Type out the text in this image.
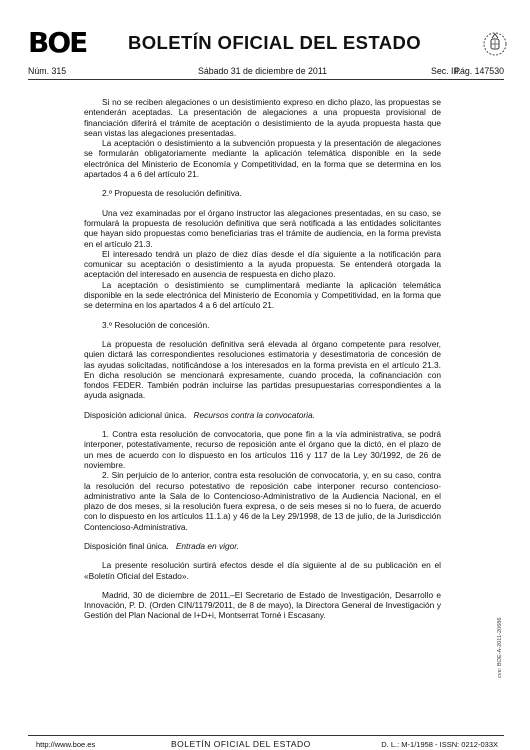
BOE BOLETÍN OFICIAL DEL ESTADO
Núm. 315	Sábado 31 de diciembre de 2011	Sec. III.
Pág. 147530

Si no se reciben alegaciones o un desistimiento expreso en dicho plazo, las propuestas se entenderán aceptadas. La presentación de alegaciones a una propuesta provisional de financiación diferirá el trámite de aceptación o desistimiento de la ayuda propuesta hasta que sean vistas las alegaciones presentadas.

La aceptación o desistimiento a la subvención propuesta y la presentación de alegaciones se formularán obligatoriamente mediante la aplicación telemática disponible en la sede electrónica del Ministerio de Economía y Competitividad, en la forma que se determina en los apartados 4 a 6 del artículo 21.

2.º Propuesta de resolución definitiva.

Una vez examinadas por el órgano instructor las alegaciones presentadas, en su caso, se formulará la propuesta de resolución definitiva que será notificada a las entidades solicitantes que hayan sido propuestas como beneficiarias tras el trámite de audiencia, en la forma prevista en el artículo 21.3.

El interesado tendrá un plazo de diez días desde el día siguiente a la notificación para comunicar su aceptación o desistimiento a la ayuda propuesta. Se entenderá otorgada la aceptación del interesado en ausencia de respuesta en dicho plazo.

La aceptación o desistimiento se cumplimentará mediante la aplicación telemática disponible en la sede electrónica del Ministerio de Economía y Competitividad, en la forma que se determina en los apartados 4 a 6 del artículo 21.

3.º Resolución de concesión.

La propuesta de resolución definitiva será elevada al órgano competente para resolver, quien dictará las correspondientes resoluciones estimatoria y desestimatoria de concesión de las ayudas solicitadas, notificándose a los interesados en la forma prevista en el artículo 21.3. En dicha resolución se mencionará expresamente, cuando proceda, la cofinanciación con fondos FEDER. También podrán incluirse las partidas presupuestarias correspondientes a la ayuda asignada.

Disposición adicional única. Recursos contra la convocatoria.

1. Contra esta resolución de convocatoria, que pone fin a la vía administrativa, se podrá interponer, potestativamente, recurso de reposición ante el órgano que la dictó, en el plazo de un mes de acuerdo con lo dispuesto en los artículos 116 y 117 de la Ley 30/1992, de 26 de noviembre.

2. Sin perjuicio de lo anterior, contra esta resolución de convocatoria, y, en su caso, contra la resolución del recurso potestativo de reposición cabe interponer recurso contencioso-administrativo ante la Sala de lo Contencioso-Administrativo de la Audiencia Nacional, en el plazo de dos meses, si la resolución fuera expresa, o de seis meses si no lo fuera, de acuerdo con lo dispuesto en los artículos 11.1.a) y 46 de la Ley 29/1998, de 13 de julio, de la Jurisdicción Contencioso-Administrativa.

Disposición final única. Entrada en vigor.

La presente resolución surtirá efectos desde el día siguiente al de su publicación en el «Boletín Oficial del Estado».

Madrid, 30 de diciembre de 2011.–El Secretario de Estado de Investigación, Desarrollo e Innovación, P. D. (Orden CIN/1179/2011, de 8 de mayo), la Directora General de Investigación y Gestión del Plan Nacional de I+D+i, Montserrat Torné i Escasany.

cve: BOE-A-2011-20686
http://www.boe.es	BOLETÍN OFICIAL DEL ESTADO	D. L.: M-1/1958 - ISSN: 0212-033X
